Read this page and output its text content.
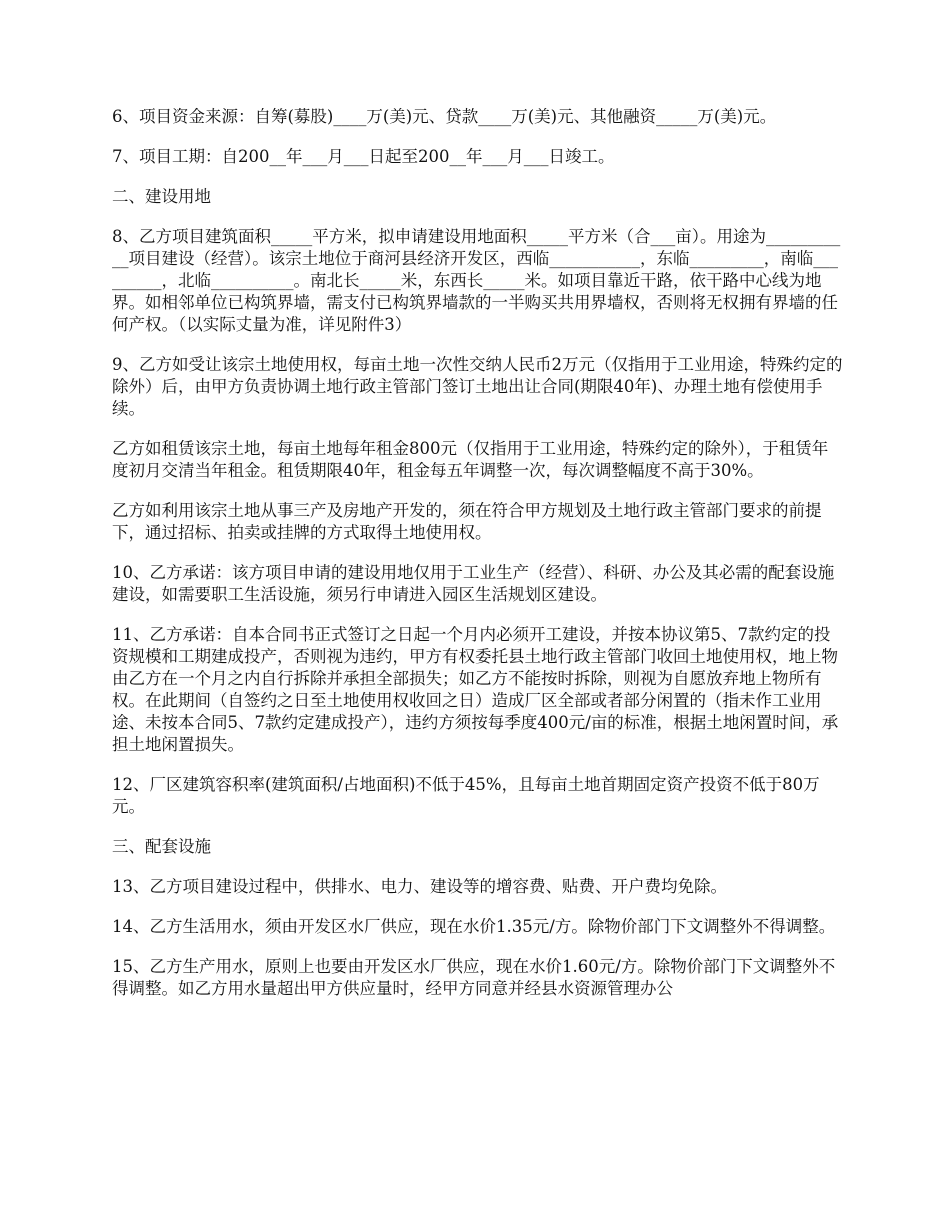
6、项目资金来源：自筹(募股)____万(美)元、贷款____万(美)元、其他融资_____万(美)元。

7、项目工期：自200__年___月___日起至200__年___月___日竣工。

二、建设用地

8、乙方项目建筑面积_____平方米，拟申请建设用地面积_____平方米（合___亩）。用途为___________项目建设（经营）。该宗土地位于商河县经济开发区，西临___________，东临_________，南临_________，北临__________。南北长_____米，东西长_____米。如项目靠近干路，依干路中心线为地界。如相邻单位已构筑界墙，需支付已构筑界墙款的一半购买共用界墙权，否则将无权拥有界墙的任何产权。（以实际丈量为准，详见附件3）

9、乙方如受让该宗土地使用权，每亩土地一次性交纳人民币2万元（仅指用于工业用途，特殊约定的除外）后，由甲方负责协调土地行政主管部门签订土地出让合同(期限40年)、办理土地有偿使用手续。

乙方如租赁该宗土地，每亩土地每年租金800元（仅指用于工业用途，特殊约定的除外），于租赁年度初月交清当年租金。租赁期限40年，租金每五年调整一次，每次调整幅度不高于30%。

乙方如利用该宗土地从事三产及房地产开发的，须在符合甲方规划及土地行政主管部门要求的前提下，通过招标、拍卖或挂牌的方式取得土地使用权。

10、乙方承诺：该方项目申请的建设用地仅用于工业生产（经营）、科研、办公及其必需的配套设施建设，如需要职工生活设施，须另行申请进入园区生活规划区建设。

11、乙方承诺：自本合同书正式签订之日起一个月内必须开工建设，并按本协议第5、7款约定的投资规模和工期建成投产，否则视为违约，甲方有权委托县土地行政主管部门收回土地使用权，地上物由乙方在一个月之内自行拆除并承担全部损失；如乙方不能按时拆除，则视为自愿放弃地上物所有权。在此期间（自签约之日至土地使用权收回之日）造成厂区全部或者部分闲置的（指未作工业用途、未按本合同5、7款约定建成投产），违约方须按每季度400元/亩的标准，根据土地闲置时间，承担土地闲置损失。

12、厂区建筑容积率(建筑面积/占地面积)不低于45%，且每亩土地首期固定资产投资不低于80万元。

三、配套设施

13、乙方项目建设过程中，供排水、电力、建设等的增容费、贴费、开户费均免除。

14、乙方生活用水，须由开发区水厂供应，现在水价1.35元/方。除物价部门下文调整外不得调整。

15、乙方生产用水，原则上也要由开发区水厂供应，现在水价1.60元/方。除物价部门下文调整外不得调整。如乙方用水量超出甲方供应量时，经甲方同意并经县水资源管理办公
